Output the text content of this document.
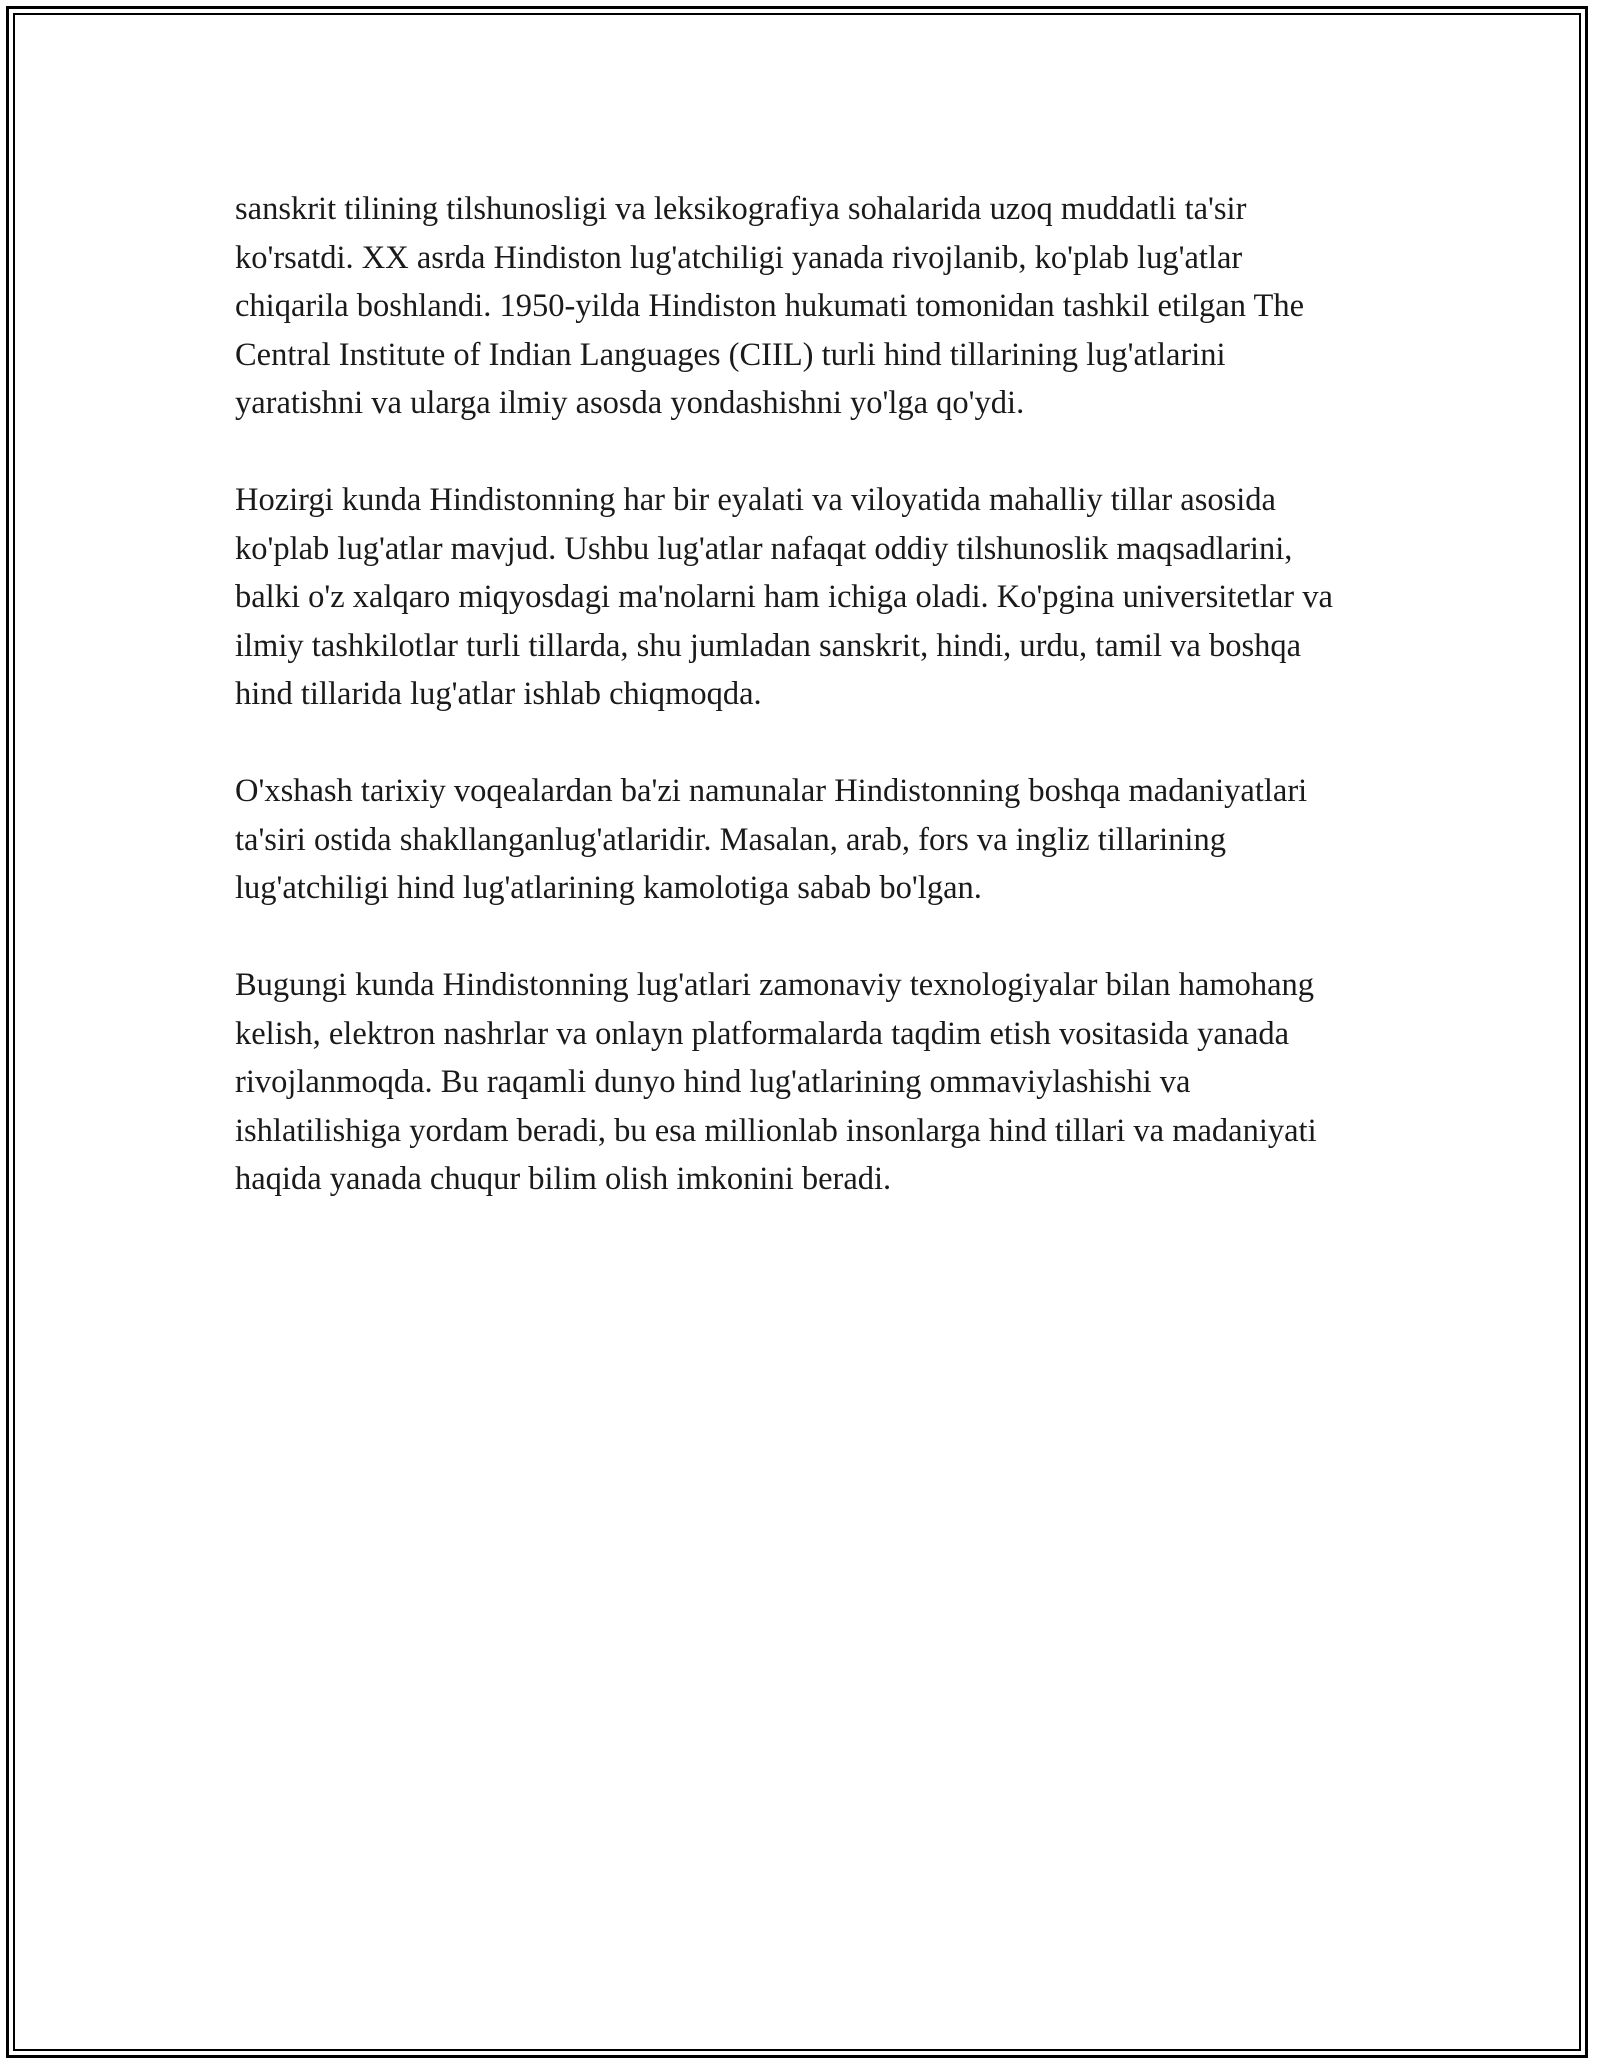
sanskrit tilining tilshunosligi va leksikografiya sohalarida uzoq muddatli ta'sir ko'rsatdi. XX asrda Hindiston lug'atchiligi yanada rivojlanib, ko'plab lug'atlar chiqarila boshlandi. 1950-yilda Hindiston hukumati tomonidan tashkil etilgan The Central Institute of Indian Languages (CIIL) turli hind tillarining lug'atlarini yaratishni va ularga ilmiy asosda yondashishni yo'lga qo'ydi.

Hozirgi kunda Hindistonning har bir eyalati va viloyatida mahalliy tillar asosida ko'plab lug'atlar mavjud. Ushbu lug'atlar nafaqat oddiy tilshunoslik maqsadlarini, balki o'z xalqaro miqyosdagi ma'nolarni ham ichiga oladi. Ko'pgina universitetlar va ilmiy tashkilotlar turli tillarda, shu jumladan sanskrit, hindi, urdu, tamil va boshqa hind tillarida lug'atlar ishlab chiqmoqda.

O'xshash tarixiy voqealardan ba'zi namunalar Hindistonning boshqa madaniyatlari ta'siri ostida shakllanganlug'atlaridir. Masalan, arab, fors va ingliz tillarining lug'atchiligi hind lug'atlarining kamolotiga sabab bo'lgan.

Bugungi kunda Hindistonning lug'atlari zamonaviy texnologiyalar bilan hamohang kelish, elektron nashrlar va onlayn platformalarda taqdim etish vositasida yanada rivojlanmoqda. Bu raqamli dunyo hind lug'atlarining ommaviylashishi va ishlatilishiga yordam beradi, bu esa millionlab insonlarga hind tillari va madaniyati haqida yanada chuqur bilim olish imkonini beradi.
